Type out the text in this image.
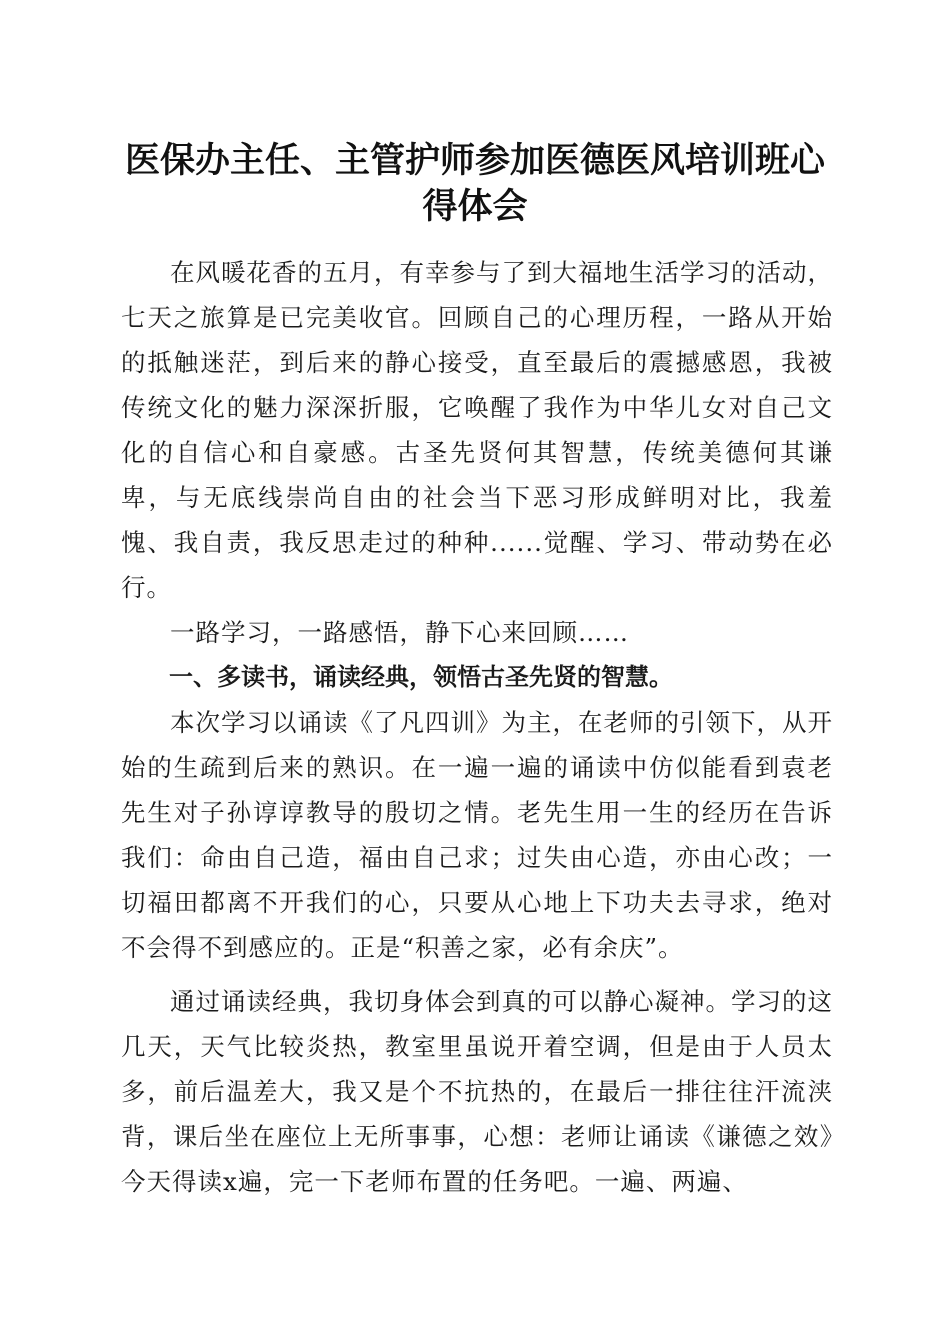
医保办主任、主管护师参加医德医风培训班心得体会

在风暖花香的五月，有幸参与了到大福地生活学习的活动，七天之旅算是已完美收官。回顾自己的心理历程，一路从开始的抵触迷茫，到后来的静心接受，直至最后的震撼感恩，我被传统文化的魅力深深折服，它唤醒了我作为中华儿女对自己文化的自信心和自豪感。古圣先贤何其智慧，传统美德何其谦卑，与无底线崇尚自由的社会当下恶习形成鲜明对比，我羞愧、我自责，我反思走过的种种......觉醒、学习、带动势在必行。

一路学习，一路感悟，静下心来回顾……

一、多读书，诵读经典，领悟古圣先贤的智慧。

本次学习以诵读《了凡四训》为主，在老师的引领下，从开始的生疏到后来的熟识。在一遍一遍的诵读中仿似能看到袁老先生对子孙谆谆教导的殷切之情。老先生用一生的经历在告诉我们：命由自己造，福由自己求；过失由心造，亦由心改；一切福田都离不开我们的心，只要从心地上下功夫去寻求，绝对不会得不到感应的。正是“积善之家，必有余庆”。

通过诵读经典，我切身体会到真的可以静心凝神。学习的这几天，天气比较炎热，教室里虽说开着空调，但是由于人员太多，前后温差大，我又是个不抗热的，在最后一排往往汗流浃背，课后坐在座位上无所事事，心想：老师让诵读《谦德之效》今天得读x遍，完一下老师布置的任务吧。一遍、两遍、
